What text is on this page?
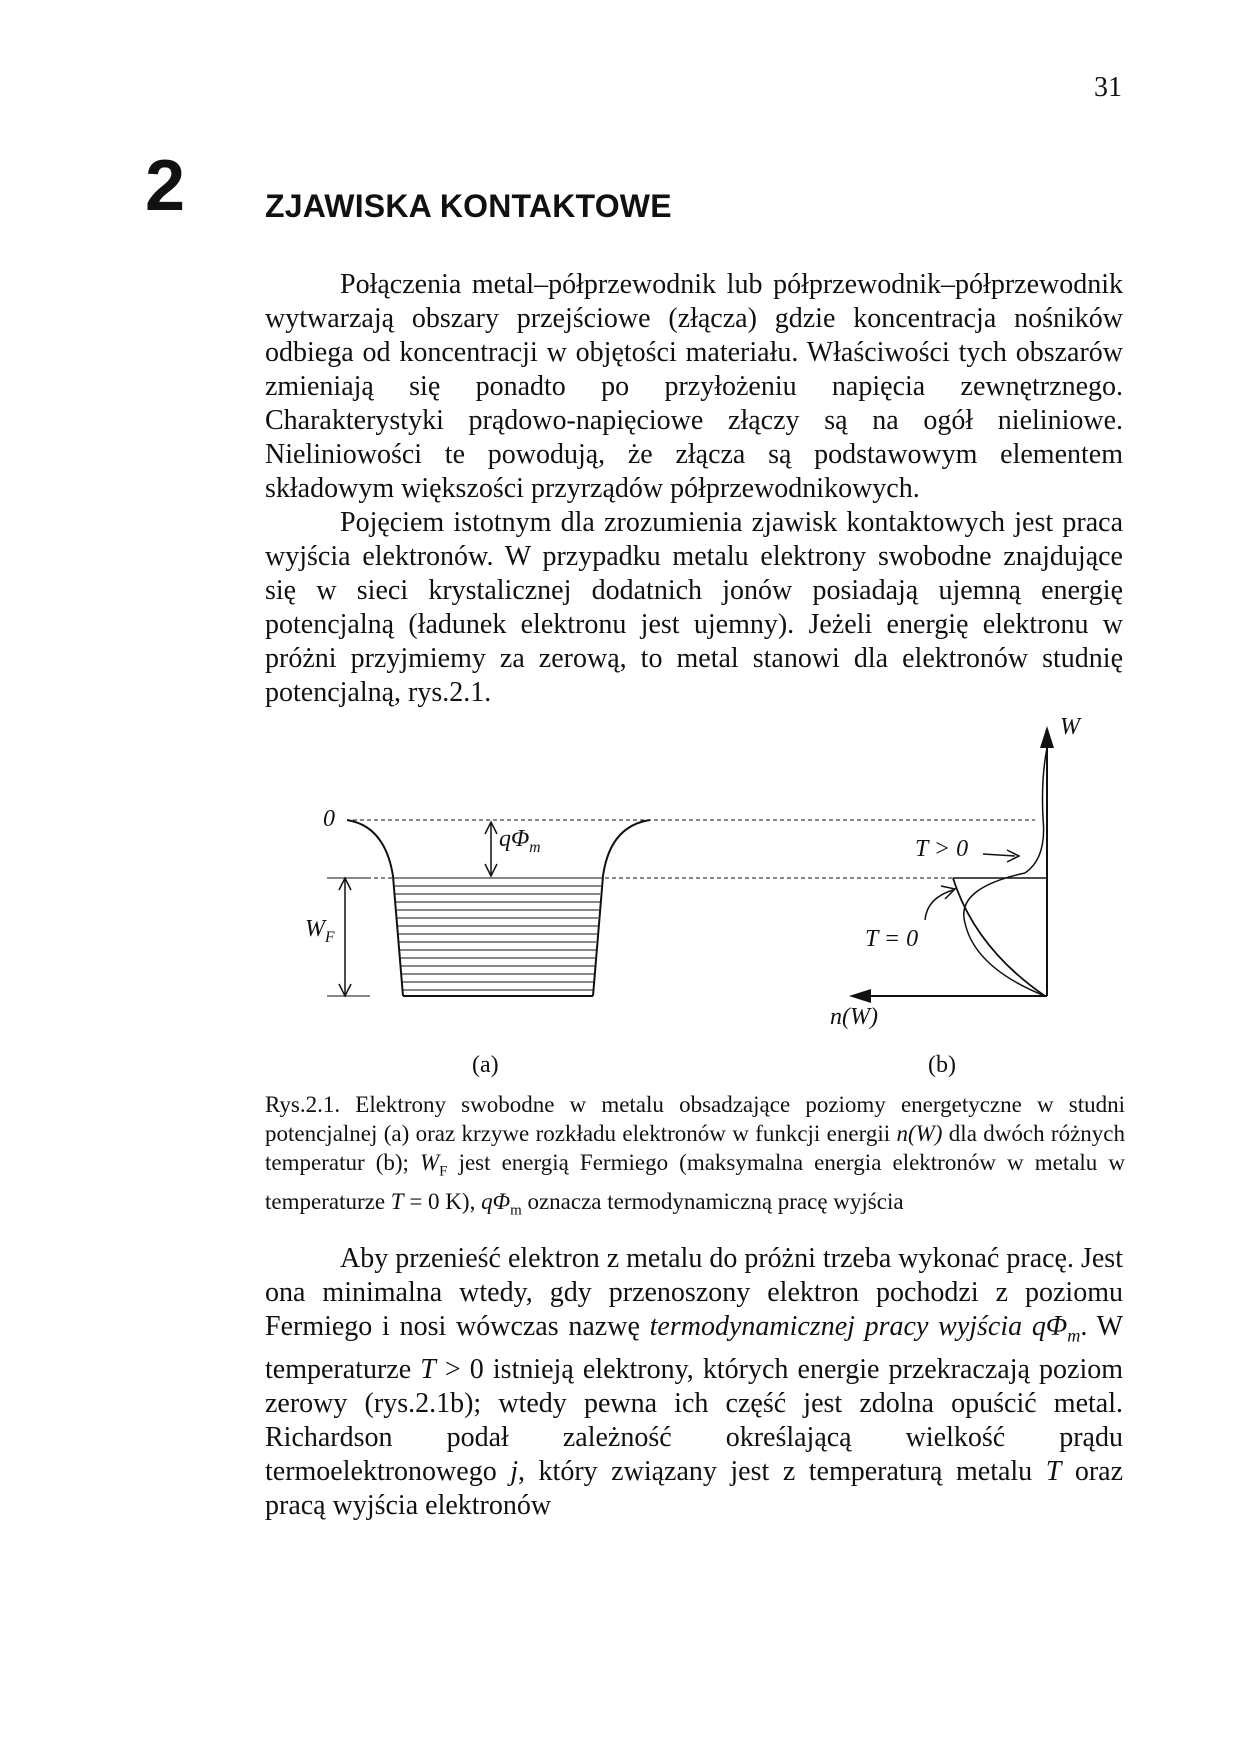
31
2 ZJAWISKA KONTAKTOWE

Połączenia metal–półprzewodnik lub półprzewodnik–półprzewodnik wytwarzają obszary przejściowe (złącza) gdzie koncentracja nośników odbiega od koncentracji w objętości materiału. Właściwości tych obszarów zmieniają się ponadto po przyłożeniu napięcia zewnętrznego. Charakterystyki prądowo-napięciowe złączy są na ogół nieliniowe. Nieliniowości te powodują, że złącza są podstawowym elementem składowym większości przyrządów półprzewodnikowych.

Pojęciem istotnym dla zrozumienia zjawisk kontaktowych jest praca wyjścia elektronów. W przypadku metalu elektrony swobodne znajdujące się w sieci krystalicznej dodatnich jonów posiadają ujemną energię potencjalną (ładunek elektronu jest ujemny). Jeżeli energię elektronu w próżni przyjmiemy za zerową, to metal stanowi dla elektronów studnię potencjalną, rys.2.1.

0
$q\Phi_m$
$W_F$
W
T > 0
T = 0
n(W)
(a)	(b)
Rys.2.1. Elektrony swobodne w metalu obsadzające poziomy energetyczne w studni potencjalnej (a) oraz krzywe rozkładu elektronów w funkcji energii n(W) dla dwóch różnych temperatur (b); $W_F$ jest energią Fermiego (maksymalna energia elektronów w metalu w temperaturze T = 0 K), $q\Phi_m$ oznacza termodynamiczną pracę wyjścia

Aby przenieść elektron z metalu do próżni trzeba wykonać pracę. Jest ona minimalna wtedy, gdy przenoszony elektron pochodzi z poziomu Fermiego i nosi wówczas nazwę termodynamicznej pracy wyjścia $q\Phi_m$. W temperaturze T > 0 istnieją elektrony, których energie przekraczają poziom zerowy (rys.2.1b); wtedy pewna ich część jest zdolna opuścić metal. Richardson podał zależność określającą wielkość prądu termoelektronowego j, który związany jest z temperaturą metalu T oraz pracą wyjścia elektronów
